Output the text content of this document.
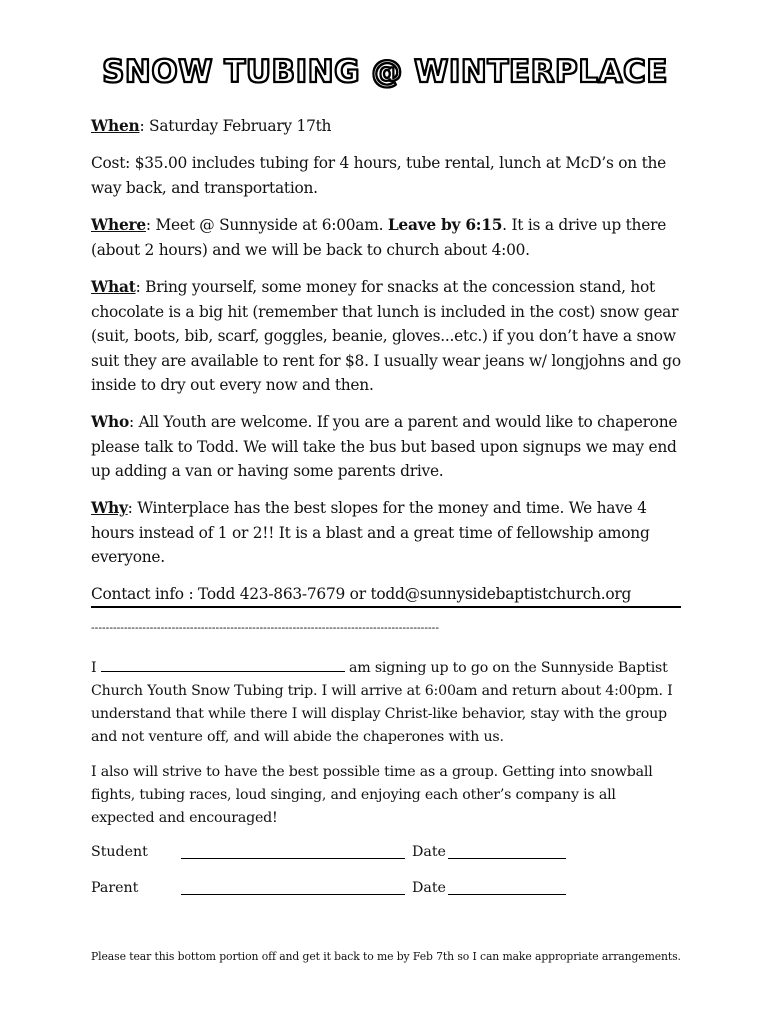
SNOW TUBING @ WINTERPLACE
When: Saturday February 17th
Cost: $35.00 includes tubing for 4 hours, tube rental, lunch at McD’s on the way back, and transportation.
Where: Meet @ Sunnyside at 6:00am. Leave by 6:15. It is a drive up there (about 2 hours) and we will be back to church about 4:00.
What: Bring yourself, some money for snacks at the concession stand, hot chocolate is a big hit (remember that lunch is included in the cost) snow gear (suit, boots, bib, scarf, goggles, beanie, gloves...etc.) if you don’t have a snow suit they are available to rent for $8. I usually wear jeans w/ longjohns and go inside to dry out every now and then.
Who: All Youth are welcome. If you are a parent and would like to chaperone please talk to Todd. We will take the bus but based upon signups we may end up adding a van or having some parents drive.
Why: Winterplace has the best slopes for the money and time. We have 4 hours instead of 1 or 2!! It is a blast and a great time of fellowship among everyone.
Contact info : Todd 423-863-7679 or todd@sunnysidebaptistchurch.org
-----------------------------------------------------------------------------------------------
I	am signing up to go on the Sunnyside Baptist Church Youth Snow Tubing trip. I will arrive at 6:00am and return about 4:00pm. I understand that while there I will display Christ-like behavior, stay with the group and not venture off, and will abide the chaperones with us.
I also will strive to have the best possible time as a group. Getting into snowball fights, tubing races, loud singing, and enjoying each other’s company is all expected and encouraged!
Student	Date
Parent	Date
Please tear this bottom portion off and get it back to me by Feb 7th so I can make appropriate arrangements.
